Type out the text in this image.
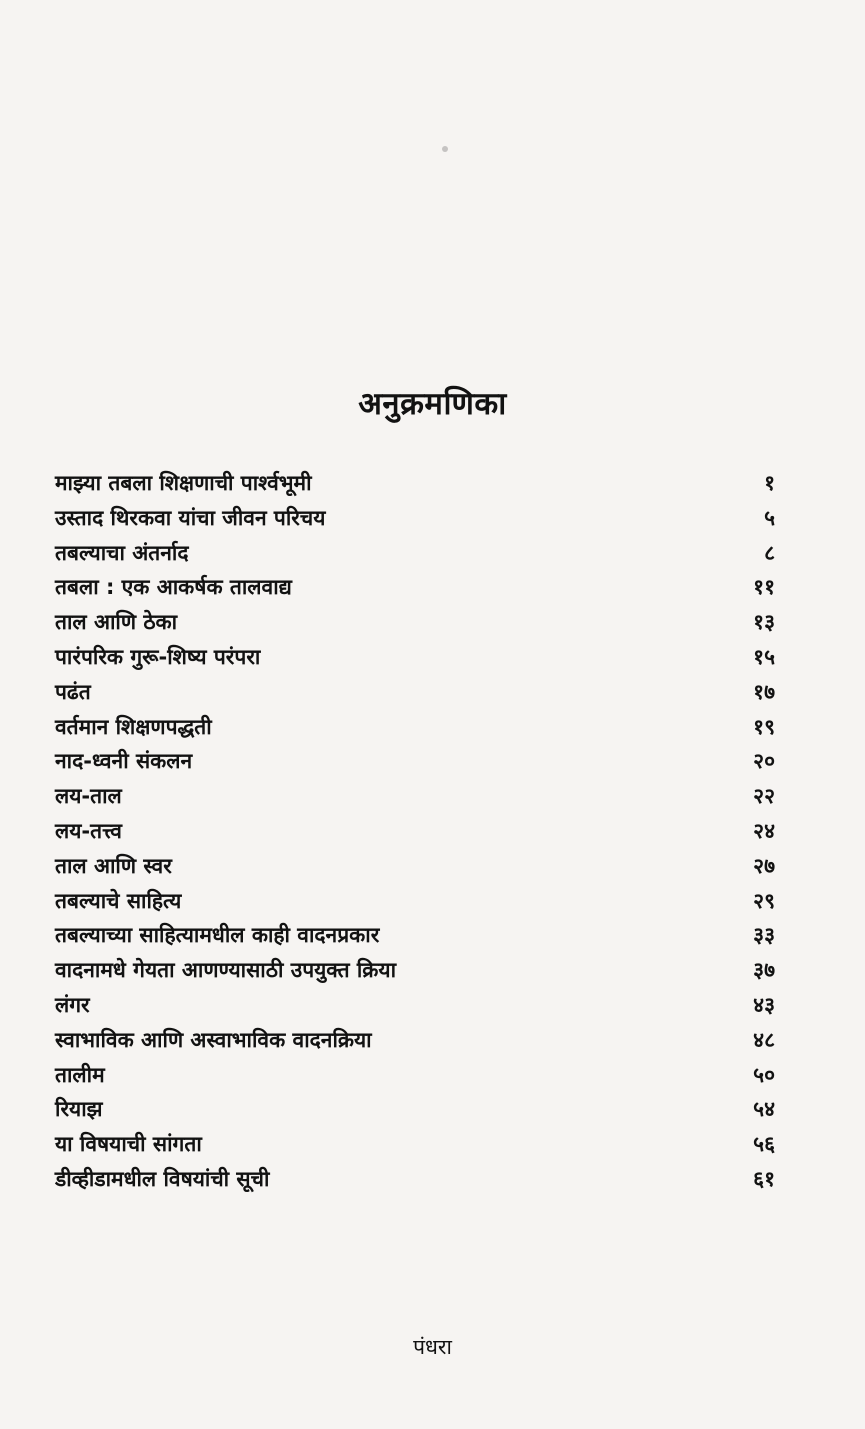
अनुक्रमणिका
माझ्या तबला शिक्षणाची पार्श्वभूमी	१
उस्ताद थिरकवा यांचा जीवन परिचय	५
तबल्याचा अंतर्नाद	८
तबला : एक आकर्षक तालवाद्य	११
ताल आणि ठेका	१३
पारंपरिक गुरू-शिष्य परंपरा	१५
पढंत	१७
वर्तमान शिक्षणपद्धती	१९
नाद-ध्वनी संकलन	२०
लय-ताल	२२
लय-तत्त्व	२४
ताल आणि स्वर	२७
तबल्याचे साहित्य	२९
तबल्याच्या साहित्यामधील काही वादनप्रकार	३३
वादनामधे गेयता आणण्यासाठी उपयुक्त क्रिया	३७
लंगर	४३
स्वाभाविक आणि अस्वाभाविक वादनक्रिया	४८
तालीम	५०
रियाझ	५४
या विषयाची सांगता	५६
डीव्हीडामधील विषयांची सूची	६१
पंधरा
